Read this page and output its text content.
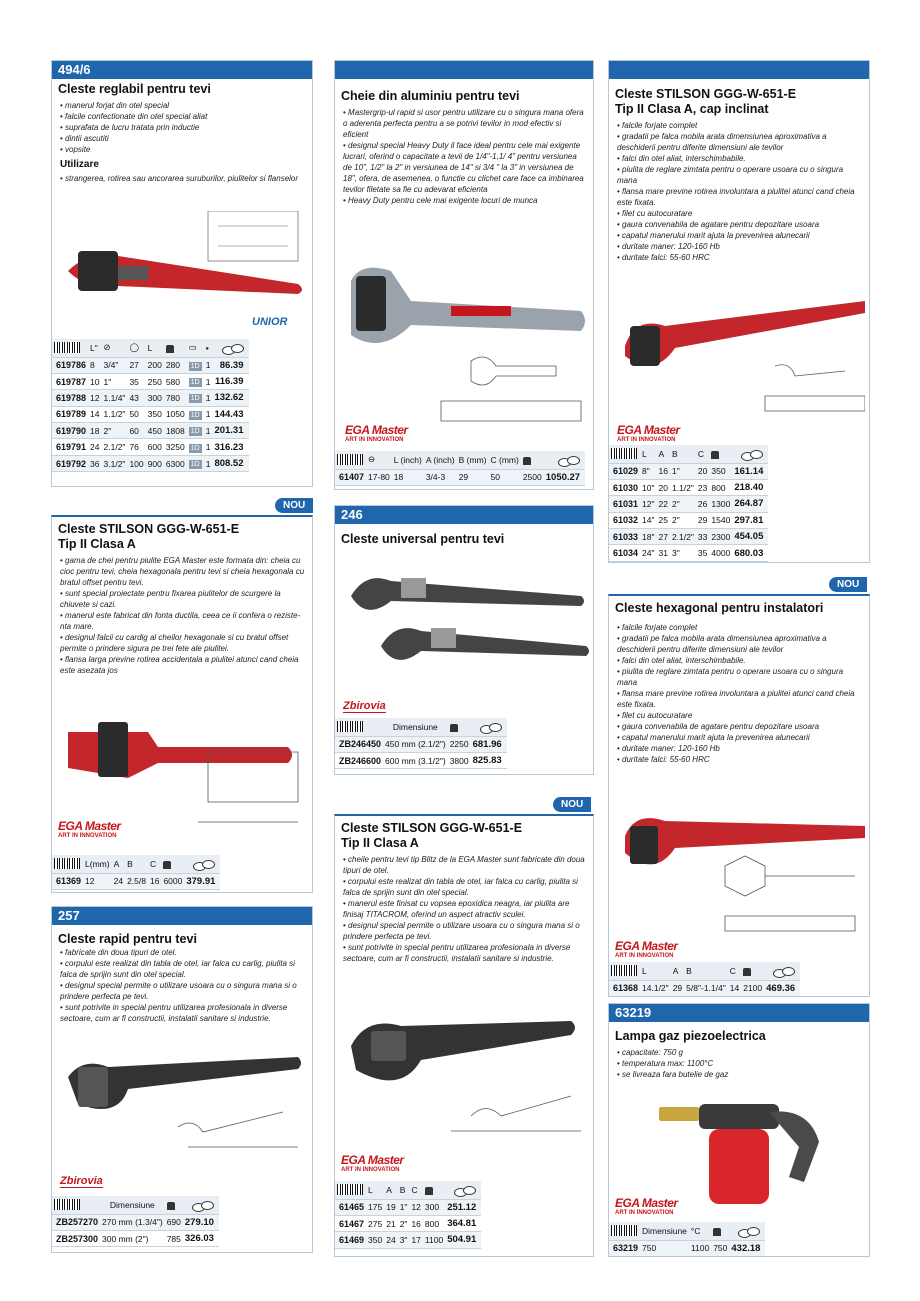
494/6
Cleste reglabil pentru tevi
• manerul forjat din otel special
• falcile confectionate din otel special aliat
• suprafata de lucru tratata prin inductie
• dintii ascutiti
• vopsite
Utilizare
• strangerea, rotirea sau ancorarea suruburilor, piulitelor si flanselor
UNIOR
	L"	⊘	◯	L		▭	▪	
619786	8	3/4"	27	200	280	1D	1	86.39
619787	10	1"	35	250	580	1D	1	116.39
619788	12	1.1/4"	43	300	780	1D	1	132.62
619789	14	1.1/2"	50	350	1050	1D	1	144.43
619790	18	2"	60	450	1808	1D	1	201.31
619791	24	2.1/2"	76	600	3250	1D	1	316.23
619792	36	3.1/2"	100	900	6300	1D	1	808.52
Cheie din aluminiu pentru tevi
• Mastergrip-ul rapid si usor pentru utilizare cu o singura mana ofera o aderenta perfecta pentru a se potrivi tevilor in mod efectiv si eficient
• designul special Heavy Duty il face ideal pentru cele mai exigente lucrari, oferind o capacitate a tevii de 1/4"-1,1/ 4" pentru versiunea de 10", 1/2" la 2" in versiunea de 14" si 3/4 " la 3" in versiunea de 18", ofera, de asemenea, o functie cu clichet care face ca imbinarea tevilor filetate sa fie cu adevarat eficienta
• Heavy Duty pentru cele mai exigente locuri de munca
EGA Master
ART IN INNOVATION
	⊖	L (inch)	A (inch)	B (mm)	C (mm)		
61407	17-80	18	3/4-3	29	50	2500	1050.27
Cleste STILSON GGG-W-651-E
Tip II Clasa A, cap inclinat
• falcile forjate complet
• gradatii pe falca mobila arata dimensiunea aproximativa a deschiderii pentru diferite dimensiuni ale tevilor
• falci din otel aliat, interschimbabile.
• piulita de reglare zimtata pentru o operare usoara cu o singura mana
• flansa mare previne rotirea involuntara a piulitei atunci cand cheia este fixata.
• filet cu autocuratare
• gaura convenabila de agatare pentru depozitare usoara
• capatul manerului marit ajuta la prevenirea alunecarii
• duritate maner: 120-160 Hb
• duritate falci: 55-60 HRC
EGA Master
ART IN INNOVATION
	L	A	B	C		
61029	8"	16	1"	20	350	161.14
61030	10"	20	1.1/2"	23	800	218.40
61031	12"	22	2"	26	1300	264.87
61032	14"	25	2"	29	1540	297.81
61033	18"	27	2.1/2"	33	2300	454.05
61034	24"	31	3"	35	4000	680.03
NOU
Cleste STILSON GGG-W-651-E
Tip II Clasa A
• gama de chei pentru piulite EGA Master este formata din: cheia cu cioc pentru tevi, cheia hexagonala pentru tevi si cheia hexagonala cu bratul offset pentru tevi.
• sunt special proiectate pentru fixarea piulitelor de scurgere la chiuvete si cazi.
• manerul este fabricat din fonta ductila, ceea ce ii confera o reziste-nta mare.
• designul falcii cu cardig al cheilor hexagonale si cu bratul offset permite o prindere sigura pe trei fete ale piulitei.
• flansa larga previne rotirea accidentala a piulitei atunci cand cheia este asezata jos
EGA Master
ART IN INNOVATION
	L(mm)	A	B	C		
61369	12	24	2.5/8	16	6000	379.91
246
Cleste universal pentru tevi
Zbirovia
	Dimensiune		
ZB246450	450 mm (2.1/2")	2250	681.96
ZB246600	600 mm (3.1/2")	3800	825.83
NOU
Cleste hexagonal pentru instalatori
• falcile forjate complet
• gradatii pe falca mobila arata dimensiunea aproximativa a deschiderii pentru diferite dimensiuni ale tevilor
• falci din otel aliat, interschimbabile.
• piulita de reglare zimtata pentru o operare usoara cu o singura mana
• flansa mare previne rotirea involuntara a piulitei atunci cand cheia este fixata.
• filet cu autocuratare
• gaura convenabila de agatare pentru depozitare usoara
• capatul manerului marit ajuta la prevenirea alunecarii
• duritate maner: 120-160 Hb
• duritate falci: 55-60 HRC
EGA Master
ART IN INNOVATION
	L	A	B	C		
61368	14.1/2"	29	5/8"-1.1/4"	14	2100	469.36
257
Cleste rapid pentru tevi
• fabricate din doua tipuri de otel.
• corpului este realizat din tabla de otel, iar falca cu carlig, piulita si falca de sprijin sunt din otel special.
• designul special permite o utilizare usoara cu o singura mana si o prindere perfecta pe tevi.
• sunt potrivite in special pentru utilizarea profesionala in diverse sectoare, cum ar fi constructii, instalatii sanitare si industrie.
Zbirovia
	Dimensiune		
ZB257270	270 mm (1.3/4")	690	279.10
ZB257300	300 mm (2")	785	326.03
NOU
Cleste STILSON GGG-W-651-E
Tip II Clasa A
• cheile pentru tevi tip Blitz de la EGA Master sunt fabricate din doua tipuri de otel.
• corpului este realizat din tabla de otel, iar falca cu carlig, piulita si falca de sprijin sunt din otel special.
• manerul este finisat cu vopsea epoxidica neagra, iar piulita are finisaj TITACROM, oferind un aspect atractiv sculei.
• designul special permite o utilizare usoara cu o singura mana si o prindere perfecta pe tevi.
• sunt potrivite in special pentru utilizarea profesionala in diverse sectoare, cum ar fi constructii, instalatii sanitare si industrie.
EGA Master
ART IN INNOVATION
	L	A	B	C		
61465	175	19	1"	12	300	251.12
61467	275	21	2"	16	800	364.81
61469	350	24	3"	17	1100	504.91
63219
Lampa gaz piezoelectrica
• capacitate: 750 g
• temperatura max: 1100°C
• se livreaza fara butelie de gaz
EGA Master
ART IN INNOVATION
	Dimensiune	°C		
63219	750	1100	750	432.18
